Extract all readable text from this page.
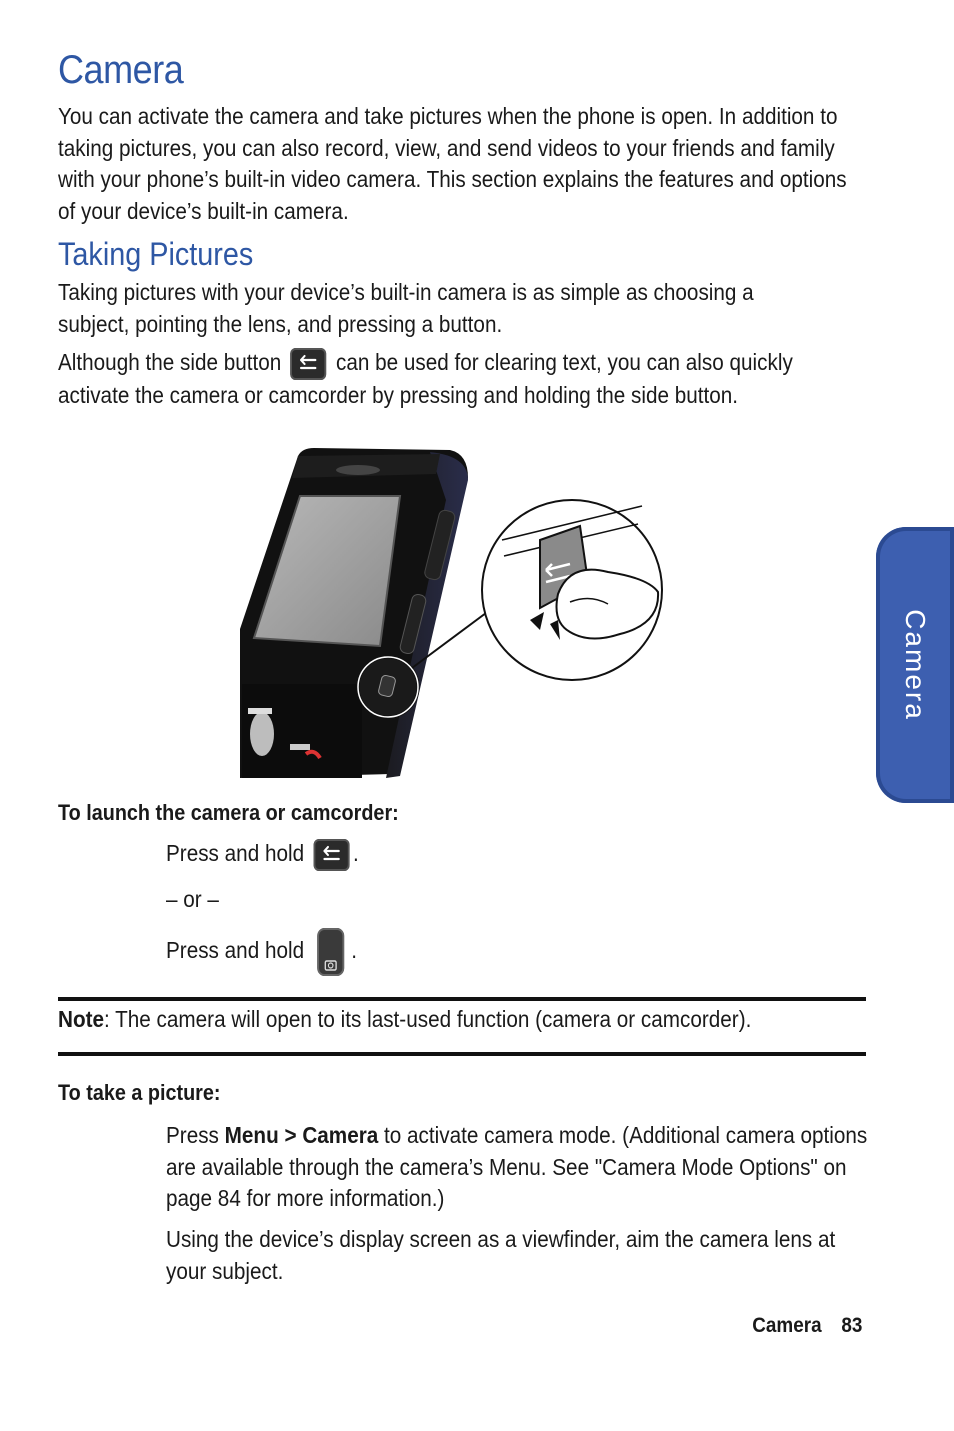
Camera

You can activate the camera and take pictures when the phone is open. In addition to taking pictures, you can also record, view, and send videos to your friends and family with your phone’s built-in video camera. This section explains the features and options of your device’s built-in camera.

Taking Pictures

Taking pictures with your device’s built-in camera is as simple as choosing a subject, pointing the lens, and pressing a button.

Although the side button can be used for clearing text, you can also quickly activate the camera or camcorder by pressing and holding the side button.

To launch the camera or camcorder:

Press and hold .

– or –

Press and hold .

Note: The camera will open to its last-used function (camera or camcorder).

To take a picture:

Press Menu > Camera to activate camera mode. (Additional camera options are available through the camera’s Menu. See "Camera Mode Options" on page 84 for more information.)

Using the device’s display screen as a viewfinder, aim the camera lens at your subject.

Camera
Camera 83
